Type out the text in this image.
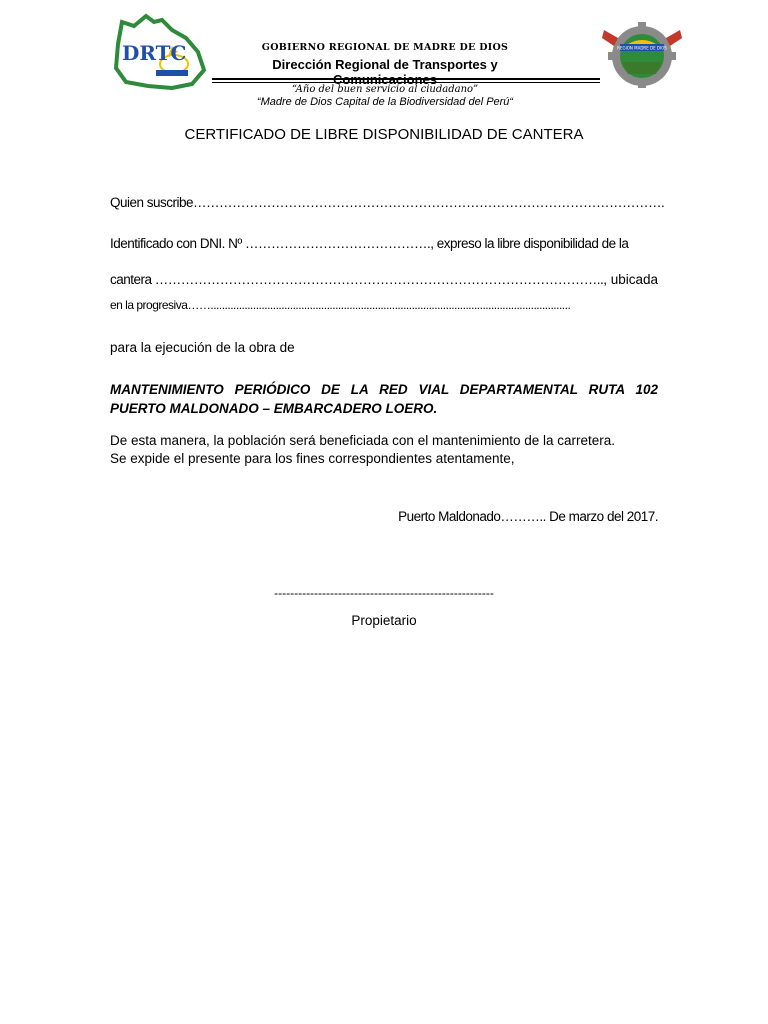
DRTC
MADRE DE DIOS
GOBIERNO REGIONAL DE MADRE DE DIOS
Dirección Regional de Transportes y Comunicaciones
“Año del buen servicio al ciudadano”
“Madre de Dios Capital de la Biodiversidad del Perú“
REGION MADRE DE DIOS
CERTIFICADO DE LIBRE DISPONIBILIDAD DE CANTERA
Quien suscribe……………………………………………………………………………………………….
Identificado con DNI. Nº ……………………………………., expreso la libre disponibilidad de la
cantera ………………………………………………………………………………………….., ubicada
en la progresiva……...............................................................................................................................
para la ejecución de la obra de
MANTENIMIENTO PERIÓDICO DE LA RED VIAL DEPARTAMENTAL RUTA 102 PUERTO MALDONADO – EMBARCADERO LOERO.
De esta manera, la población será beneficiada con el mantenimiento de la carretera.
Se expide el presente para los fines correspondientes atentamente,
Puerto Maldonado……….. De marzo del 2017.
-------------------------------------------------------
Propietario
